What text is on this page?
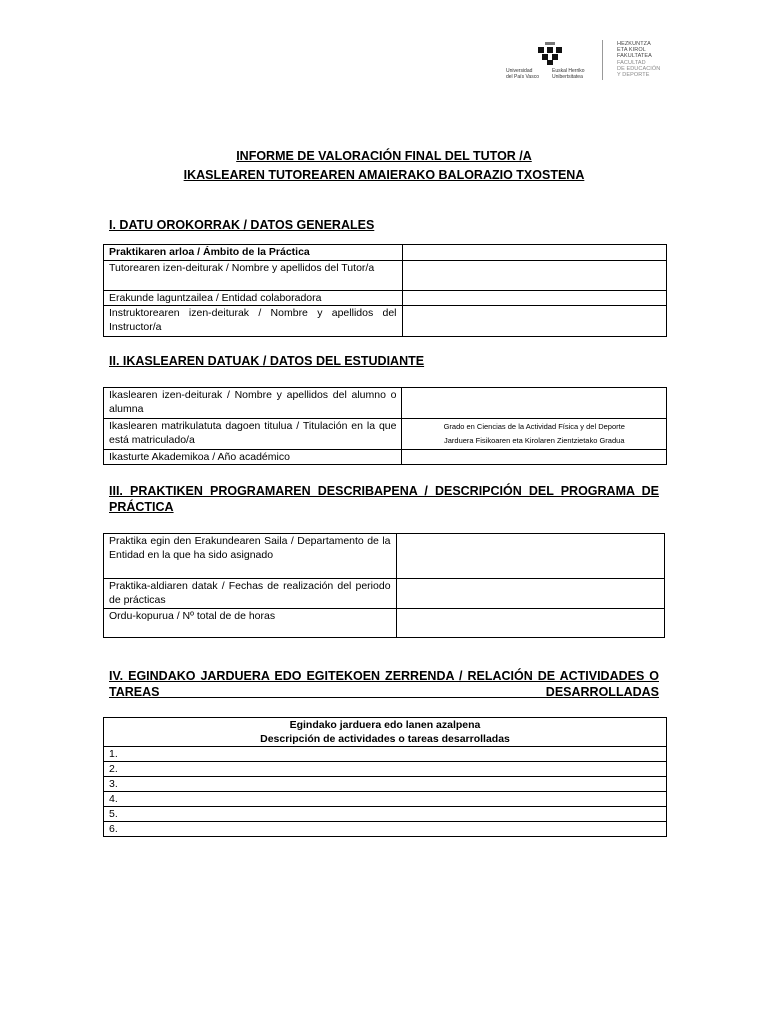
Universidad
del País Vasco
Euskal Herriko
Unibertsitatea
HEZKUNTZA
ETA KIROL
FAKULTATEA
FACULTAD
DE EDUCACIÓN
Y DEPORTE
INFORME DE VALORACIÓN FINAL DEL TUTOR /A
IKASLEAREN TUTOREAREN AMAIERAKO BALORAZIO TXOSTENA
I. DATU OROKORRAK / DATOS GENERALES
Praktikaren arloa / Ámbito de la Práctica	
Tutorearen izen-deiturak / Nombre y apellidos del Tutor/a	
Erakunde laguntzailea / Entidad colaboradora	
Instruktorearen izen-deiturak / Nombre y apellidos del Instructor/a	
II. IKASLEAREN DATUAK / DATOS DEL ESTUDIANTE
Ikaslearen izen-deiturak / Nombre y apellidos del alumno o alumna	
Ikaslearen matrikulatuta dagoen titulua / Titulación en la que está matriculado/a	Grado en Ciencias de la Actividad Física y del Deporte
Jarduera Fisikoaren eta Kirolaren Zientzietako Gradua

Ikasturte Akademikoa / Año académico	
III. PRAKTIKEN PROGRAMAREN DESCRIBAPENA / DESCRIPCIÓN DEL PROGRAMA DE PRÁCTICA
Praktika egin den Erakundearen Saila / Departamento de la Entidad en la que ha sido asignado	
Praktika-aldiaren datak / Fechas de realización del periodo de prácticas	
Ordu-kopurua / Nº total de de horas	
IV. EGINDAKO JARDUERA EDO EGITEKOEN ZERRENDA / RELACIÓN DE ACTIVIDADES O TAREAS DESARROLLADAS
Egindako jarduera edo lanen azalpena
Descripción de actividades o tareas desarrolladas

1.
2.
3.
4.
5.
6.
